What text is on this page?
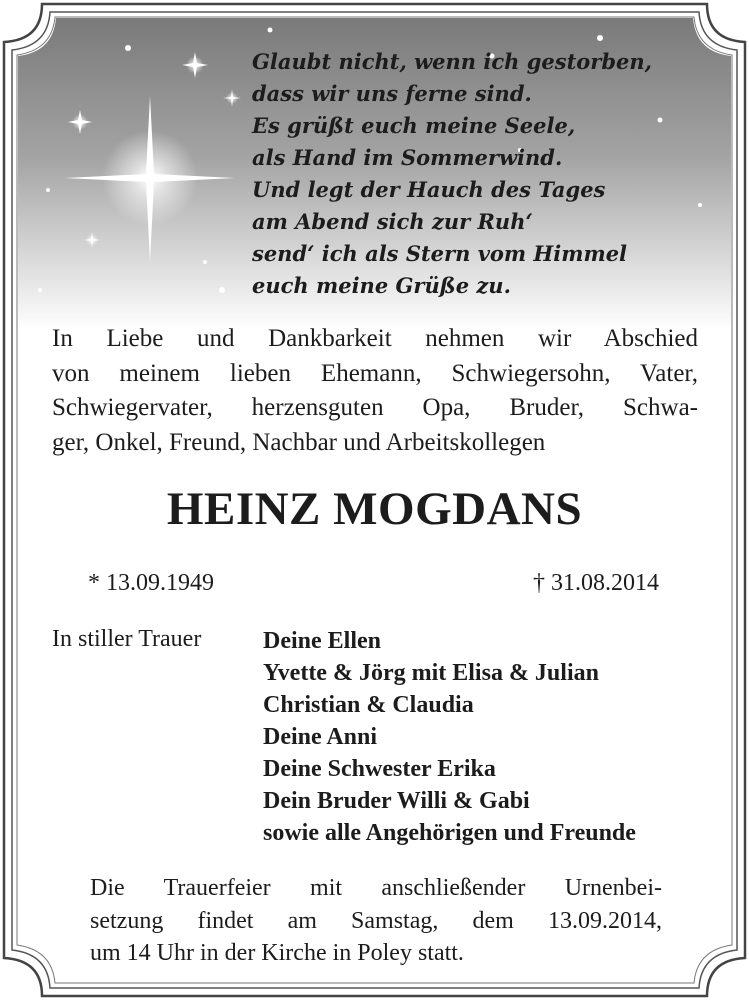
Glaubt nicht, wenn ich gestorben,
dass wir uns ferne sind.
Es grüßt euch meine Seele,
als Hand im Sommerwind.
Und legt der Hauch des Tages
am Abend sich zur Ruh‘
send‘ ich als Stern vom Himmel
euch meine Grüße zu.
In Liebe und Dankbarkeit nehmen wir Abschied
von meinem lieben Ehemann, Schwiegersohn, Vater,
Schwiegervater, herzensguten Opa, Bruder, Schwa-
ger, Onkel, Freund, Nachbar und Arbeitskollegen
HEINZ MOGDANS
* 13.09.1949	† 31.08.2014
In stiller Trauer	Deine Ellen
Yvette & Jörg mit Elisa & Julian
Christian & Claudia
Deine Anni
Deine Schwester Erika
Dein Bruder Willi & Gabi
sowie alle Angehörigen und Freunde
Die Trauerfeier mit anschließender Urnenbei-
setzung findet am Samstag, dem 13.09.2014,
um 14 Uhr in der Kirche in Poley statt.
